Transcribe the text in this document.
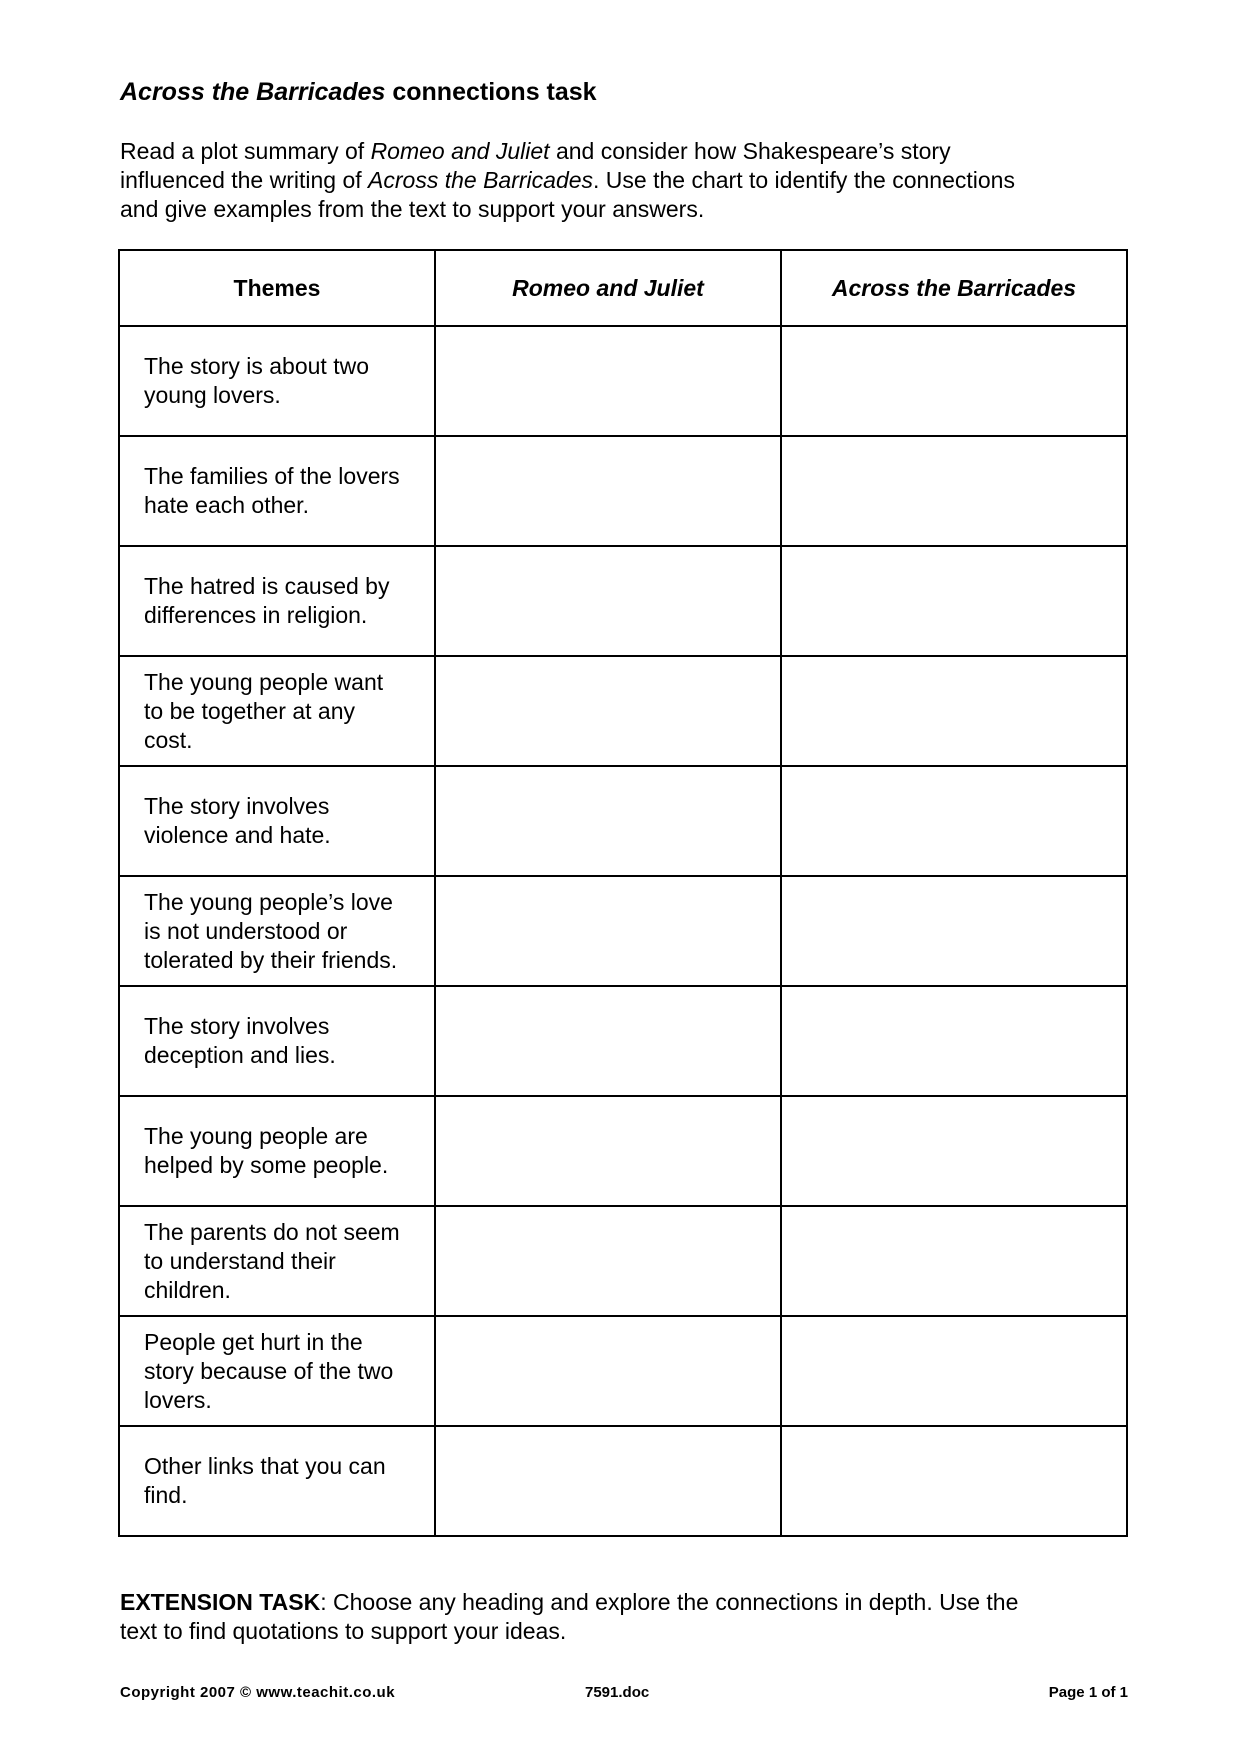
Across the Barricades connections task

Read a plot summary of Romeo and Juliet and consider how Shakespeare’s story

influenced the writing of Across the Barricades. Use the chart to identify the connections

and give examples from the text to support your answers.

Themes	Romeo and Juliet	Across the Barricades

The story is about two
young lovers.		

The families of the lovers
hate each other.		

The hatred is caused by
differences in religion.		

The young people want
to be together at any
cost.		

The story involves
violence and hate.		

The young people’s love
is not understood or
tolerated by their friends.		

The story involves
deception and lies.		

The young people are
helped by some people.		

The parents do not seem
to understand their
children.		

People get hurt in the
story because of the two
lovers.		

Other links that you can
find.		

EXTENSION TASK: Choose any heading and explore the connections in depth. Use the

text to find quotations to support your ideas.

Copyright 2007 © www.teachit.co.uk	7591.doc	Page 1 of 1
